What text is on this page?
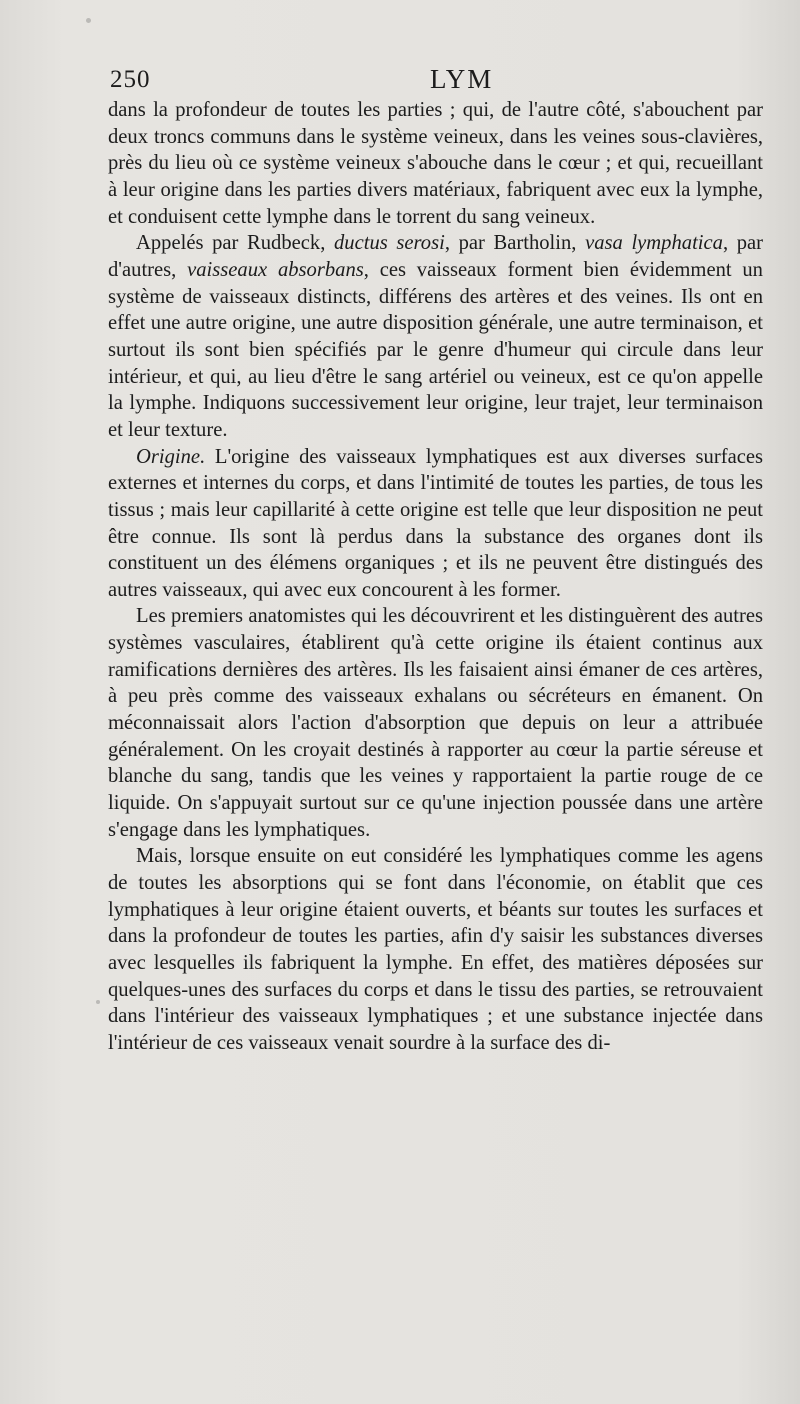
250	LYM

dans la profondeur de toutes les parties ; qui, de l'autre côté, s'abouchent par deux troncs communs dans le système veineux, dans les veines sous-clavières, près du lieu où ce système veineux s'abouche dans le cœur ; et qui, recueillant à leur origine dans les parties divers matériaux, fabriquent avec eux la lymphe, et conduisent cette lymphe dans le torrent du sang veineux.

Appelés par Rudbeck, ductus serosi, par Bartholin, vasa lymphatica, par d'autres, vaisseaux absorbans, ces vaisseaux forment bien évidemment un système de vaisseaux distincts, différens des artères et des veines. Ils ont en effet une autre origine, une autre disposition générale, une autre terminaison, et surtout ils sont bien spécifiés par le genre d'humeur qui circule dans leur intérieur, et qui, au lieu d'être le sang artériel ou veineux, est ce qu'on appelle la lymphe. Indiquons successivement leur origine, leur trajet, leur terminaison et leur texture.

Origine. L'origine des vaisseaux lymphatiques est aux diverses surfaces externes et internes du corps, et dans l'intimité de toutes les parties, de tous les tissus ; mais leur capillarité à cette origine est telle que leur disposition ne peut être connue. Ils sont là perdus dans la substance des organes dont ils constituent un des élémens organiques ; et ils ne peuvent être distingués des autres vaisseaux, qui avec eux concourent à les former.

Les premiers anatomistes qui les découvrirent et les distinguèrent des autres systèmes vasculaires, établirent qu'à cette origine ils étaient continus aux ramifications dernières des artères. Ils les faisaient ainsi émaner de ces artères, à peu près comme des vaisseaux exhalans ou sécréteurs en émanent. On méconnaissait alors l'action d'absorption que depuis on leur a attribuée généralement. On les croyait destinés à rapporter au cœur la partie séreuse et blanche du sang, tandis que les veines y rapportaient la partie rouge de ce liquide. On s'appuyait surtout sur ce qu'une injection poussée dans une artère s'engage dans les lymphatiques.

Mais, lorsque ensuite on eut considéré les lymphatiques comme les agens de toutes les absorptions qui se font dans l'économie, on établit que ces lymphatiques à leur origine étaient ouverts, et béants sur toutes les surfaces et dans la profondeur de toutes les parties, afin d'y saisir les substances diverses avec lesquelles ils fabriquent la lymphe. En effet, des matières déposées sur quelques-unes des surfaces du corps et dans le tissu des parties, se retrouvaient dans l'intérieur des vaisseaux lymphatiques ; et une substance injectée dans l'intérieur de ces vaisseaux venait sourdre à la surface des di-
